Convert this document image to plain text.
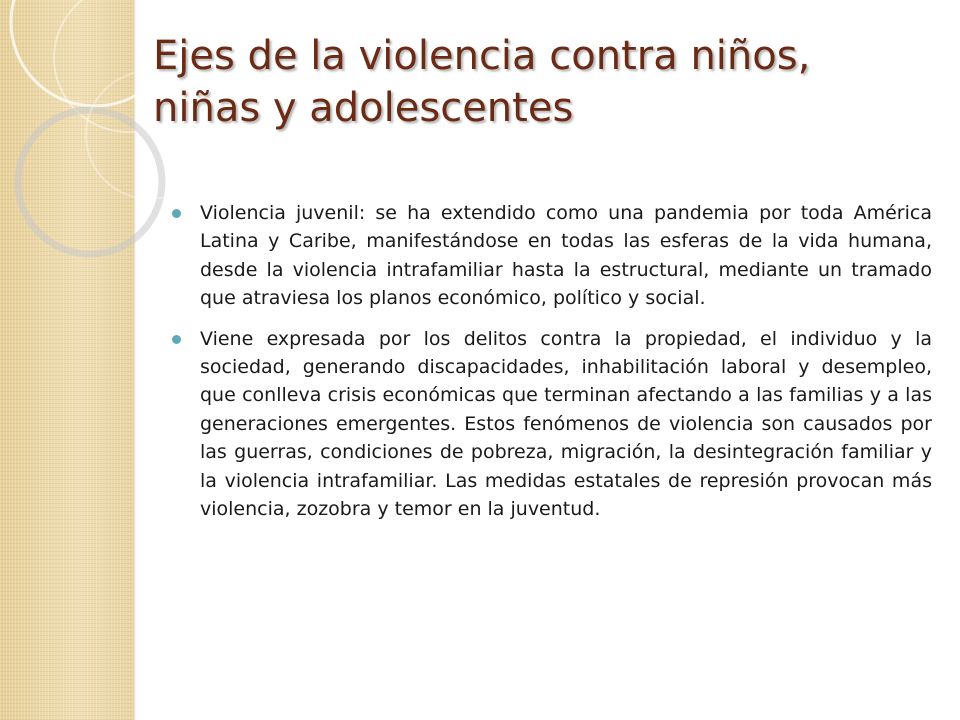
Ejes de la violencia contra niños, niñas y adolescentes
Violencia juvenil: se ha extendido como una pandemia por toda América Latina y Caribe, manifestándose en todas las esferas de la vida humana, desde la violencia intrafamiliar hasta la estructural, mediante un tramado que atraviesa los planos económico, político y social.
Viene expresada por los delitos contra la propiedad, el individuo y la sociedad, generando discapacidades, inhabilitación laboral y desempleo, que conlleva crisis económicas que terminan afectando a las familias y a las generaciones emergentes. Estos fenómenos de violencia son causados por las guerras, condiciones de pobreza, migración, la desintegración familiar y la violencia intrafamiliar. Las medidas estatales de represión provocan más violencia, zozobra y temor en la juventud.
